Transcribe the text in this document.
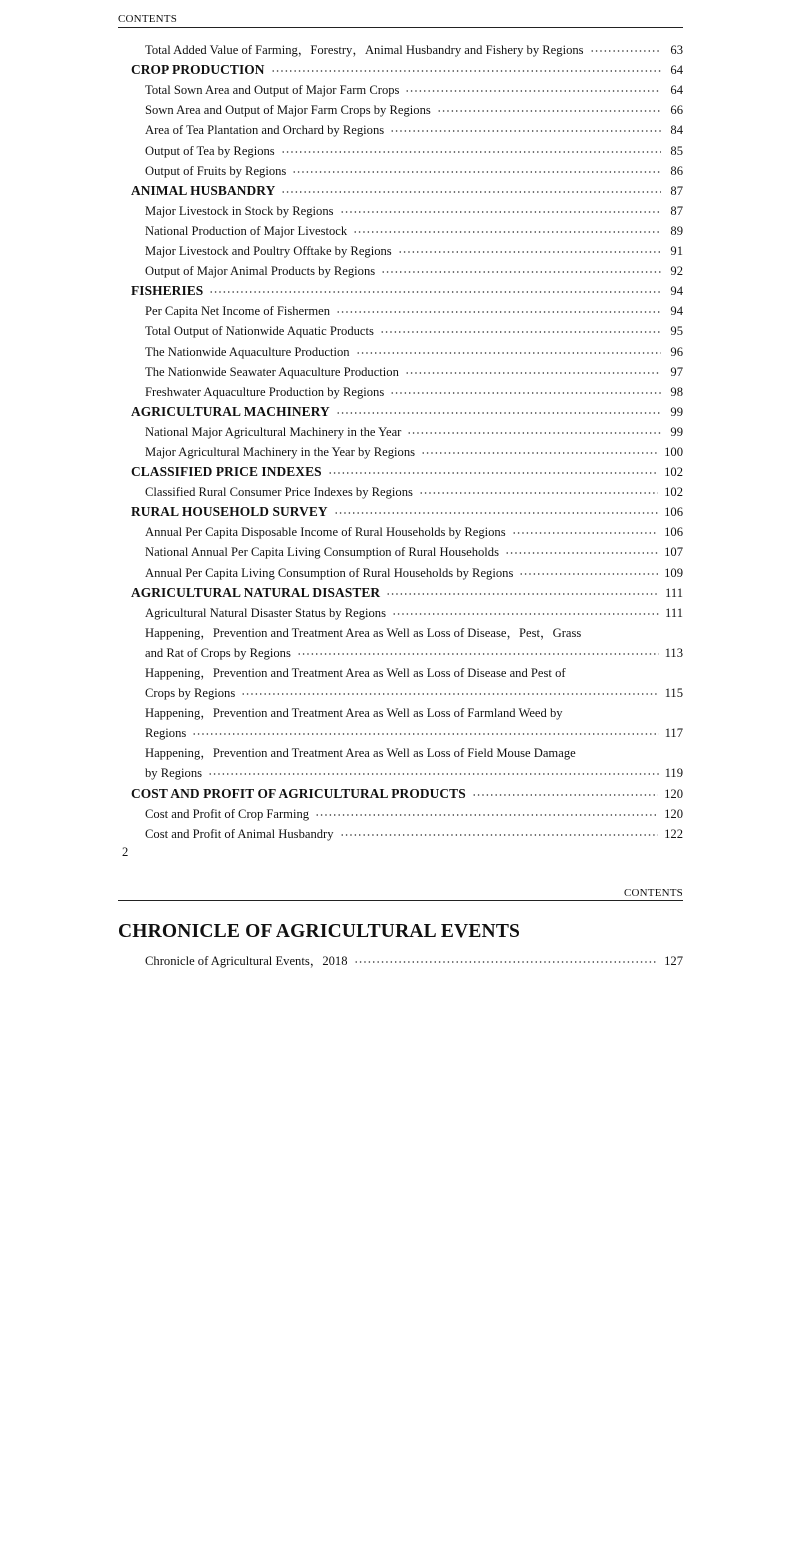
CONTENTS
Total Added Value of Farming，Forestry，Animal Husbandry and Fishery by Regions	63
CROP PRODUCTION	64
Total Sown Area and Output of Major Farm Crops	64
Sown Area and Output of Major Farm Crops by Regions	66
Area of Tea Plantation and Orchard by Regions	84
Output of Tea by Regions	85
Output of Fruits by Regions	86
ANIMAL HUSBANDRY	87
Major Livestock in Stock by Regions	87
National Production of Major Livestock	89
Major Livestock and Poultry Offtake by Regions	91
Output of Major Animal Products by Regions	92
FISHERIES	94
Per Capita Net Income of Fishermen	94
Total Output of Nationwide Aquatic Products	95
The Nationwide Aquaculture Production	96
The Nationwide Seawater Aquaculture Production	97
Freshwater Aquaculture Production by Regions	98
AGRICULTURAL MACHINERY	99
National Major Agricultural Machinery in the Year	99
Major Agricultural Machinery in the Year by Regions	100
CLASSIFIED PRICE INDEXES	102
Classified Rural Consumer Price Indexes by Regions	102
RURAL HOUSEHOLD SURVEY	106
Annual Per Capita Disposable Income of Rural Households by Regions	106
National Annual Per Capita Living Consumption of Rural Households	107
Annual Per Capita Living Consumption of Rural Households by Regions	109
AGRICULTURAL NATURAL DISASTER	111
Agricultural Natural Disaster Status by Regions	111
Happening，Prevention and Treatment Area as Well as Loss of Disease，Pest，Grass
and Rat of Crops by Regions	113
Happening，Prevention and Treatment Area as Well as Loss of Disease and Pest of
Crops by Regions	115
Happening，Prevention and Treatment Area as Well as Loss of Farmland Weed by
Regions	117
Happening，Prevention and Treatment Area as Well as Loss of Field Mouse Damage
by Regions	119
COST AND PROFIT OF AGRICULTURAL PRODUCTS	120
Cost and Profit of Crop Farming	120
Cost and Profit of Animal Husbandry	122
2
CONTENTS
CHRONICLE OF AGRICULTURAL EVENTS
Chronicle of Agricultural Events，2018	127
